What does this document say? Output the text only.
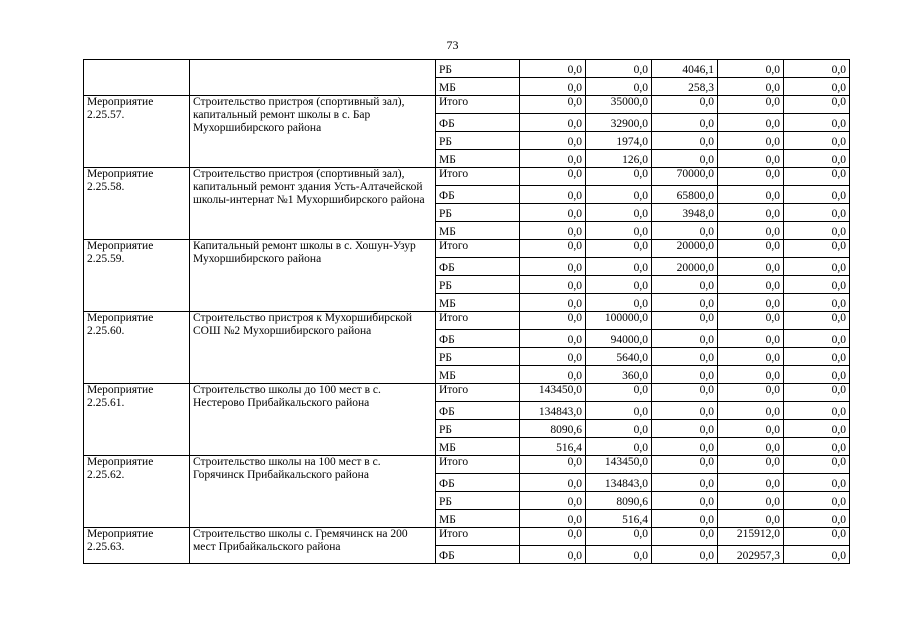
73
		РБ	0,0	0,0	4046,1	0,0	0,0
		МБ	0,0	0,0	258,3	0,0	0,0
Мероприятие 2.25.57.	Строительство пристроя (спортивный зал), капитальный ремонт школы в с. Бар Мухоршибирского района	Итого	0,0	35000,0	0,0	0,0	0,0
		ФБ	0,0	32900,0	0,0	0,0	0,0
		РБ	0,0	1974,0	0,0	0,0	0,0
		МБ	0,0	126,0	0,0	0,0	0,0
Мероприятие 2.25.58.	Строительство пристроя (спортивный зал), капитальный ремонт здания Усть-Алтачейской школы-интернат №1 Мухоршибирского района	Итого	0,0	0,0	70000,0	0,0	0,0
		ФБ	0,0	0,0	65800,0	0,0	0,0
		РБ	0,0	0,0	3948,0	0,0	0,0
		МБ	0,0	0,0	0,0	0,0	0,0
Мероприятие 2.25.59.	Капитальный ремонт школы в с. Хошун-Узур Мухоршибирского района	Итого	0,0	0,0	20000,0	0,0	0,0
		ФБ	0,0	0,0	20000,0	0,0	0,0
		РБ	0,0	0,0	0,0	0,0	0,0
		МБ	0,0	0,0	0,0	0,0	0,0
Мероприятие 2.25.60.	Строительство пристроя к Мухоршибирской СОШ №2 Мухоршибирского района	Итого	0,0	100000,0	0,0	0,0	0,0
		ФБ	0,0	94000,0	0,0	0,0	0,0
		РБ	0,0	5640,0	0,0	0,0	0,0
		МБ	0,0	360,0	0,0	0,0	0,0
Мероприятие 2.25.61.	Строительство школы до 100 мест в с. Нестерово Прибайкальского района	Итого	143450,0	0,0	0,0	0,0	0,0
		ФБ	134843,0	0,0	0,0	0,0	0,0
		РБ	8090,6	0,0	0,0	0,0	0,0
		МБ	516,4	0,0	0,0	0,0	0,0
Мероприятие 2.25.62.	Строительство школы на 100 мест в с. Горячинск Прибайкальского района	Итого	0,0	143450,0	0,0	0,0	0,0
		ФБ	0,0	134843,0	0,0	0,0	0,0
		РБ	0,0	8090,6	0,0	0,0	0,0
		МБ	0,0	516,4	0,0	0,0	0,0
Мероприятие 2.25.63.	Строительство школы с. Гремячинск на 200 мест Прибайкальского района	Итого	0,0	0,0	0,0	215912,0	0,0
		ФБ	0,0	0,0	0,0	202957,3	0,0
